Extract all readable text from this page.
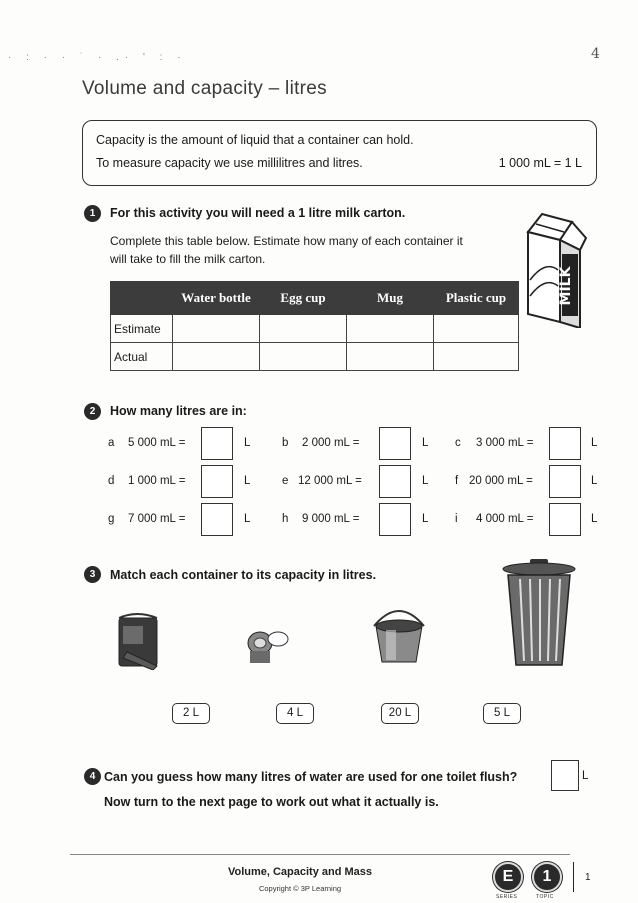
· : · · ˙ · .· ' : ·	4
Volume and capacity – litres
Capacity is the amount of liquid that a container can hold.
To measure capacity we use millilitres and litres.	1 000 mL = 1 L
1	For this activity you will need a 1 litre milk carton.
Complete this table below. Estimate how many of each container it
will take to fill the milk carton.
MILK
	Water bottle	Egg cup	Mug	Plastic cup
Estimate				
Actual				
2	How many litres are in:
a 5 000 mL =	L	b 2 000 mL =	L c 3 000 mL =	L
d 1 000 mL =	L	e 12 000 mL =	L f 20 000 mL =	L
g 7 000 mL =	L	h 9 000 mL =	L i 4 000 mL =	L
3	Match each container to its capacity in litres.
2 L	4 L	20 L	5 L
4 Can you guess how many litres of water are used for one toilet flush?
Now turn to the next page to work out what it actually is.
L
Volume, Capacity and Mass
Copyright © 3P Learning
E	1
SERIES	TOPIC
1
